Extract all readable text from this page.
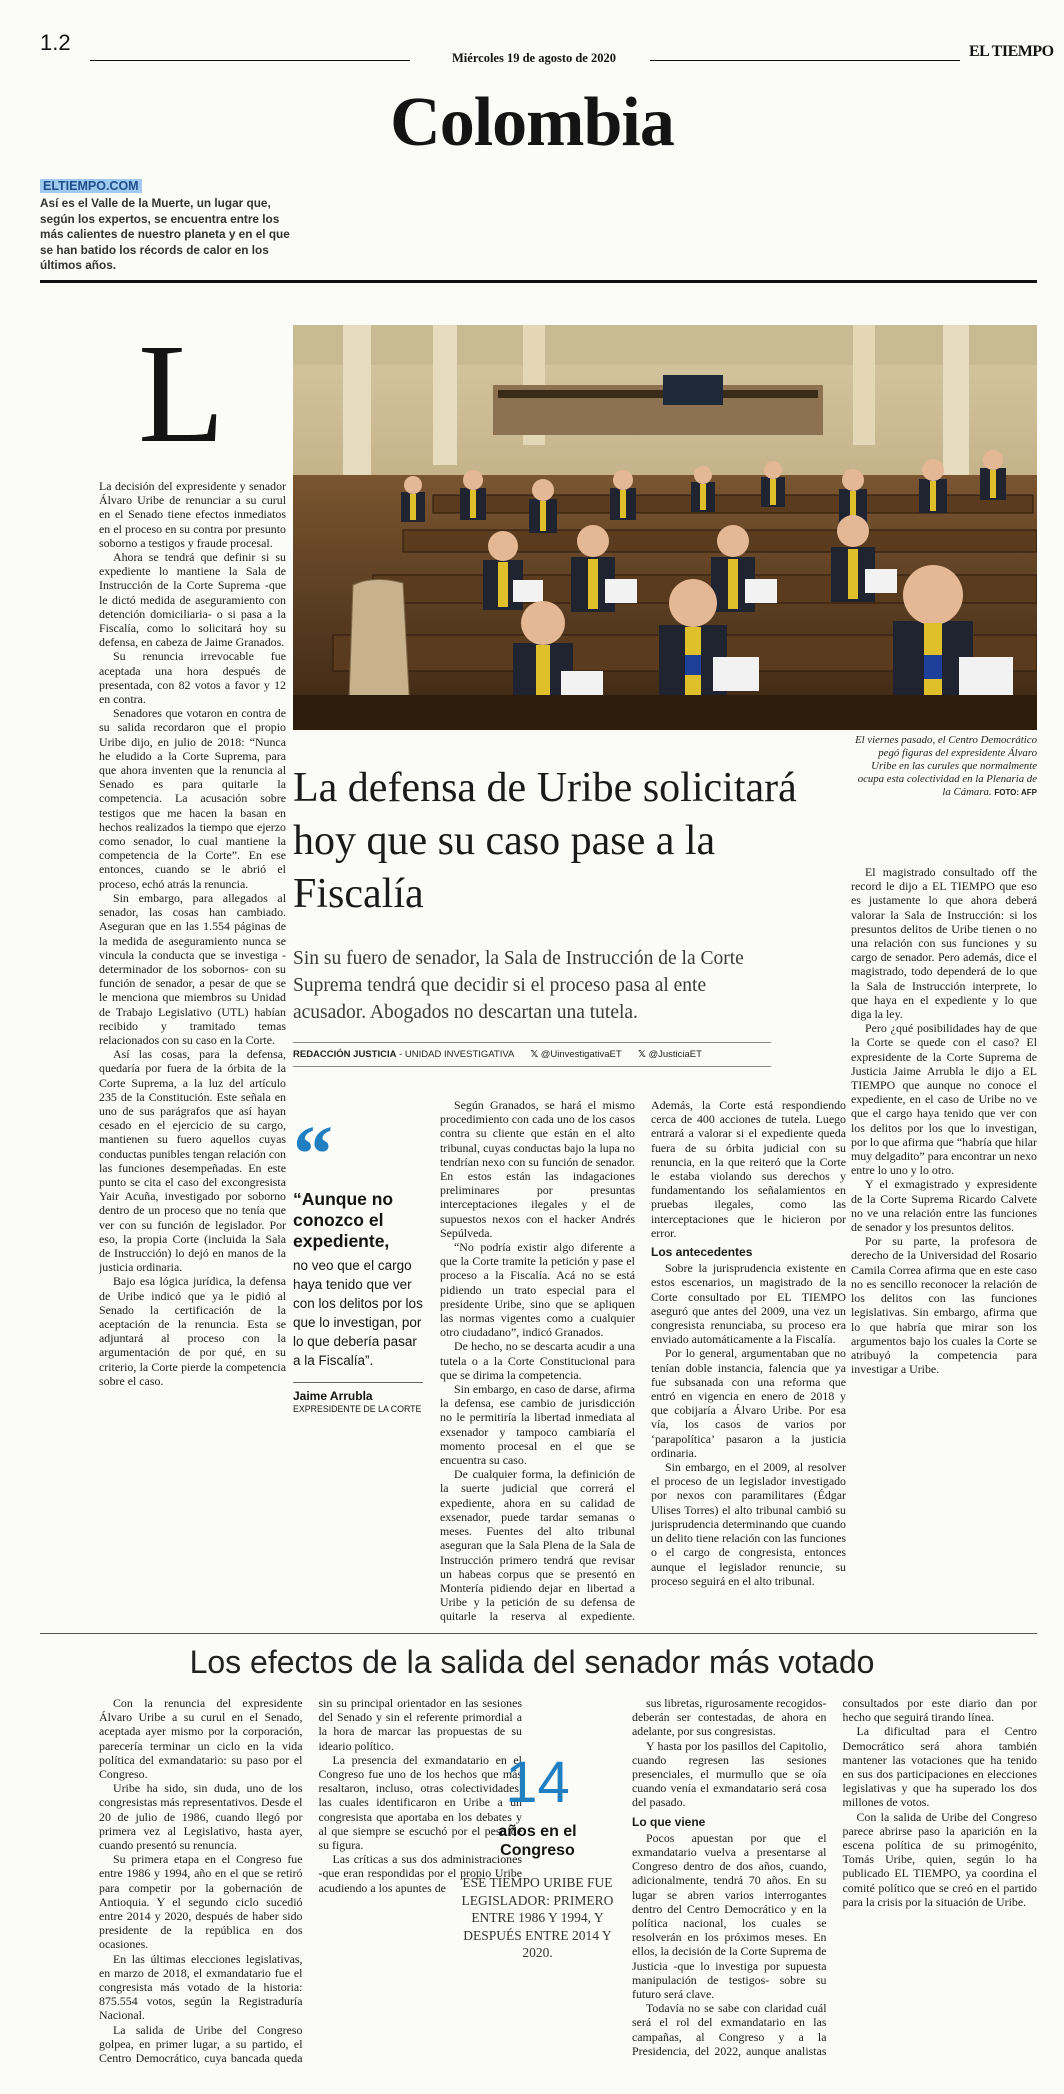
1.2
Miércoles 19 de agosto de 2020	EL TIEMPO
Colombia
ELTIEMPO.COM
Así es el Valle de la Muerte, un lugar que, según los expertos, se encuentra entre los más calientes de nuestro planeta y en el que se han batido los récords de calor en los últimos años.
L

La decisión del expresidente y senador Álvaro Uribe de renunciar a su curul en el Senado tiene efectos inmediatos en el proceso en su contra por presunto soborno a testigos y fraude procesal.

Ahora se tendrá que definir si su expediente lo mantiene la Sala de Instrucción de la Corte Suprema -que le dictó medida de aseguramiento con detención domiciliaria- o si pasa a la Fiscalía, como lo solicitará hoy su defensa, en cabeza de Jaime Granados.

Su renuncia irrevocable fue aceptada una hora después de presentada, con 82 votos a favor y 12 en contra.

Senadores que votaron en contra de su salida recordaron que el propio Uribe dijo, en julio de 2018: “Nunca he eludido a la Corte Suprema, para que ahora inventen que la renuncia al Senado es para quitarle la competencia. La acusación sobre testigos que me hacen la basan en hechos realizados la tiempo que ejerzo como senador, lo cual mantiene la competencia de la Corte”. En ese entonces, cuando se le abrió el proceso, echó atrás la renuncia.

Sin embargo, para allegados al senador, las cosas han cambiado. Aseguran que en las 1.554 páginas de la medida de aseguramiento nunca se vincula la conducta que se investiga -determinador de los sobornos- con su función de senador, a pesar de que se le menciona que miembros su Unidad de Trabajo Legislativo (UTL) habían recibido y tramitado temas relacionados con su caso en la Corte.

Así las cosas, para la defensa, quedaría por fuera de la órbita de la Corte Suprema, a la luz del artículo 235 de la Constitución. Este señala en uno de sus parágrafos que así hayan cesado en el ejercicio de su cargo, mantienen su fuero aquellos cuyas conductas punibles tengan relación con las funciones desempeñadas. En este punto se cita el caso del excongresista Yair Acuña, investigado por soborno dentro de un proceso que no tenía que ver con su función de legislador. Por eso, la propia Corte (incluida la Sala de Instrucción) lo dejó en manos de la justicia ordinaria.

Bajo esa lógica jurídica, la defensa de Uribe indicó que ya le pidió al Senado la certificación de la aceptación de la renuncia. Esta se adjuntará al proceso con la argumentación de por qué, en su criterio, la Corte pierde la competencia sobre el caso.

El viernes pasado, el Centro Democrático pegó figuras del expresidente Álvaro Uribe en las curules que normalmente ocupa esta colectividad en la Plenaria de la Cámara. FOTO: AFP
La defensa de Uribe solicitará hoy que su caso pase a la Fiscalía
Sin su fuero de senador, la Sala de Instrucción de la Corte Suprema tendrá que decidir si el proceso pasa al ente acusador. Abogados no descartan una tutela.
REDACCIÓN JUSTICIA - UNIDAD INVESTIGATIVA 𝕏 @UinvestigativaET 𝕏 @JusticiaET
“
“Aunque no conozco el expediente,
no veo que el cargo haya tenido que ver con los delitos por los que lo investigan, por lo que debería pasar a la Fiscalía”.
Jaime Arrubla
EXPRESIDENTE DE LA CORTE

Según Granados, se hará el mismo procedimiento con cada uno de los casos contra su cliente que están en el alto tribunal, cuyas conductas bajo la lupa no tendrían nexo con su función de senador. En estos están las indagaciones preliminares por presuntas interceptaciones ilegales y el de supuestos nexos con el hacker Andrés Sepúlveda.

“No podría existir algo diferente a que la Corte tramite la petición y pase el proceso a la Fiscalía. Acá no se está pidiendo un trato especial para el presidente Uribe, sino que se apliquen las normas vigentes como a cualquier otro ciudadano”, indicó Granados.

De hecho, no se descarta acudir a una tutela o a la Corte Constitucional para que se dirima la competencia.

Sin embargo, en caso de darse, afirma la defensa, ese cambio de jurisdicción no le permitiría la libertad inmediata al exsenador y tampoco cambiaría el momento procesal en el que se encuentra su caso.

De cualquier forma, la definición de la suerte judicial que correrá el expediente, ahora en su calidad de exsenador, puede tardar semanas o meses. Fuentes del alto tribunal aseguran que la Sala Plena de la Sala de Instrucción primero tendrá que revisar un habeas corpus que se presentó en Montería pidiendo dejar en libertad a Uribe y la petición de su defensa de quitarle la reserva al expediente. Además, la Corte está respondiendo cerca de 400 acciones de tutela. Luego entrará a valorar si el expediente queda fuera de su órbita judicial con su renuncia, en la que reiteró que la Corte le estaba violando sus derechos y fundamentando los señalamientos en pruebas ilegales, como las interceptaciones que le hicieron por error.

Los antecedentes

Sobre la jurisprudencia existente en estos escenarios, un magistrado de la Corte consultado por EL TIEMPO aseguró que antes del 2009, una vez un congresista renunciaba, su proceso era enviado automáticamente a la Fiscalía.

Por lo general, argumentaban que no tenían doble instancia, falencia que ya fue subsanada con una reforma que entró en vigencia en enero de 2018 y que cobijaría a Álvaro Uribe. Por esa vía, los casos de varios por ‘parapolítica’ pasaron a la justicia ordinaria.

Sin embargo, en el 2009, al resolver el proceso de un legislador investigado por nexos con paramilitares (Édgar Ulises Torres) el alto tribunal cambió su jurisprudencia determinando que cuando un delito tiene relación con las funciones o el cargo de congresista, entonces aunque el legislador renuncie, su proceso seguirá en el alto tribunal.

El magistrado consultado off the record le dijo a EL TIEMPO que eso es justamente lo que ahora deberá valorar la Sala de Instrucción: si los presuntos delitos de Uribe tienen o no una relación con sus funciones y su cargo de senador. Pero además, dice el magistrado, todo dependerá de lo que la Sala de Instrucción interprete, lo que haya en el expediente y lo que diga la ley.

Pero ¿qué posibilidades hay de que la Corte se quede con el caso? El expresidente de la Corte Suprema de Justicia Jaime Arrubla le dijo a EL TIEMPO que aunque no conoce el expediente, en el caso de Uribe no ve que el cargo haya tenido que ver con los delitos por los que lo investigan, por lo que afirma que “habría que hilar muy delgadito” para encontrar un nexo entre lo uno y lo otro.

Y el exmagistrado y expresidente de la Corte Suprema Ricardo Calvete no ve una relación entre las funciones de senador y los presuntos delitos.

Por su parte, la profesora de derecho de la Universidad del Rosario Camila Correa afirma que en este caso no es sencillo reconocer la relación de los delitos con las funciones legislativas. Sin embargo, afirma que lo que habría que mirar son los argumentos bajo los cuales la Corte se atribuyó la competencia para investigar a Uribe.

Los efectos de la salida del senador más votado

Con la renuncia del expresidente Álvaro Uribe a su curul en el Senado, aceptada ayer mismo por la corporación, parecería terminar un ciclo en la vida política del exmandatario: su paso por el Congreso.

Uribe ha sido, sin duda, uno de los congresistas más representativos. Desde el 20 de julio de 1986, cuando llegó por primera vez al Legislativo, hasta ayer, cuando presentó su renuncia.

Su primera etapa en el Congreso fue entre 1986 y 1994, año en el que se retiró para competir por la gobernación de Antioquia. Y el segundo ciclo sucedió entre 2014 y 2020, después de haber sido presidente de la república en dos ocasiones.

En las últimas elecciones legislativas, en marzo de 2018, el exmandatario fue el congresista más votado de la historia: 875.554 votos, según la Registraduría Nacional.

La salida de Uribe del Congreso golpea, en primer lugar, a su partido, el Centro Democrático, cuya bancada queda sin su principal orientador en las sesiones del Senado y sin el referente primordial a la hora de marcar las propuestas de su ideario político.

La presencia del exmandatario en el Congreso fue uno de los hechos que más resaltaron, incluso, otras colectividades, las cuales identificaron en Uribe a un congresista que aportaba en los debates y al que siempre se escuchó por el peso de su figura.

Las críticas a sus dos administraciones -que eran respondidas por el propio Uribe acudiendo a los apuntes de

14
años en el Congreso
ESE TIEMPO URIBE FUE LEGISLADOR: PRIMERO ENTRE 1986 Y 1994, Y DESPUÉS ENTRE 2014 Y 2020.

sus libretas, rigurosamente recogidos- deberán ser contestadas, de ahora en adelante, por sus congresistas.

Y hasta por los pasillos del Capitolio, cuando regresen las sesiones presenciales, el murmullo que se oía cuando venía el exmandatario será cosa del pasado.

Lo que viene

Pocos apuestan por que el exmandatario vuelva a presentarse al Congreso dentro de dos años, cuando, adicionalmente, tendrá 70 años. En su lugar se abren varios interrogantes dentro del Centro Democrático y en la política nacional, los cuales se resolverán en los próximos meses. En ellos, la decisión de la Corte Suprema de Justicia -que lo investiga por supuesta manipulación de testigos- sobre su futuro será clave.

Todavía no se sabe con claridad cuál será el rol del exmandatario en las campañas, al Congreso y a la Presidencia, del 2022, aunque analistas consultados por este diario dan por hecho que seguirá tirando línea.

La dificultad para el Centro Democrático será ahora también mantener las votaciones que ha tenido en sus dos participaciones en elecciones legislativas y que ha superado los dos millones de votos.

Con la salida de Uribe del Congreso parece abrirse paso la aparición en la escena política de su primogénito, Tomás Uribe, quien, según lo ha publicado EL TIEMPO, ya coordina el comité político que se creó en el partido para la crisis por la situación de Uribe.
